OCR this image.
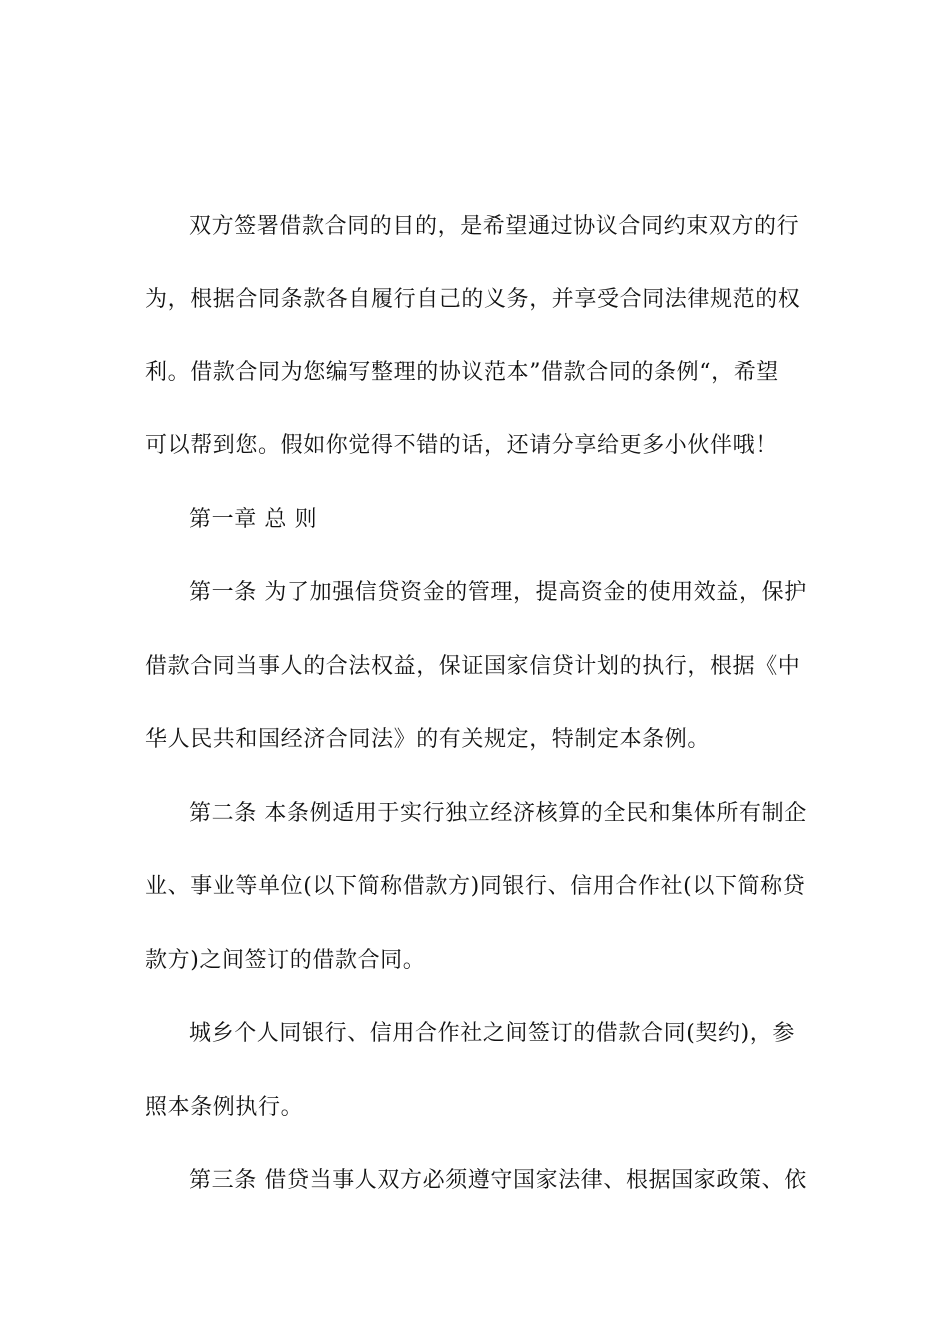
双方签署借款合同的目的，是希望通过协议合同约束双方的行
为，根据合同条款各自履行自己的义务，并享受合同法律规范的权
利。借款合同为您编写整理的协议范本”借款合同的条例“，希望
可以帮到您。假如你觉得不错的话，还请分享给更多小伙伴哦！
第一章 总 则
第一条 为了加强信贷资金的管理，提高资金的使用效益，保护
借款合同当事人的合法权益，保证国家信贷计划的执行，根据《中
华人民共和国经济合同法》的有关规定，特制定本条例。
第二条 本条例适用于实行独立经济核算的全民和集体所有制企
业、事业等单位(以下简称借款方)同银行、信用合作社(以下简称贷
款方)之间签订的借款合同。
城乡个人同银行、信用合作社之间签订的借款合同(契约)，参
照本条例执行。
第三条 借贷当事人双方必须遵守国家法律、根据国家政策、依
